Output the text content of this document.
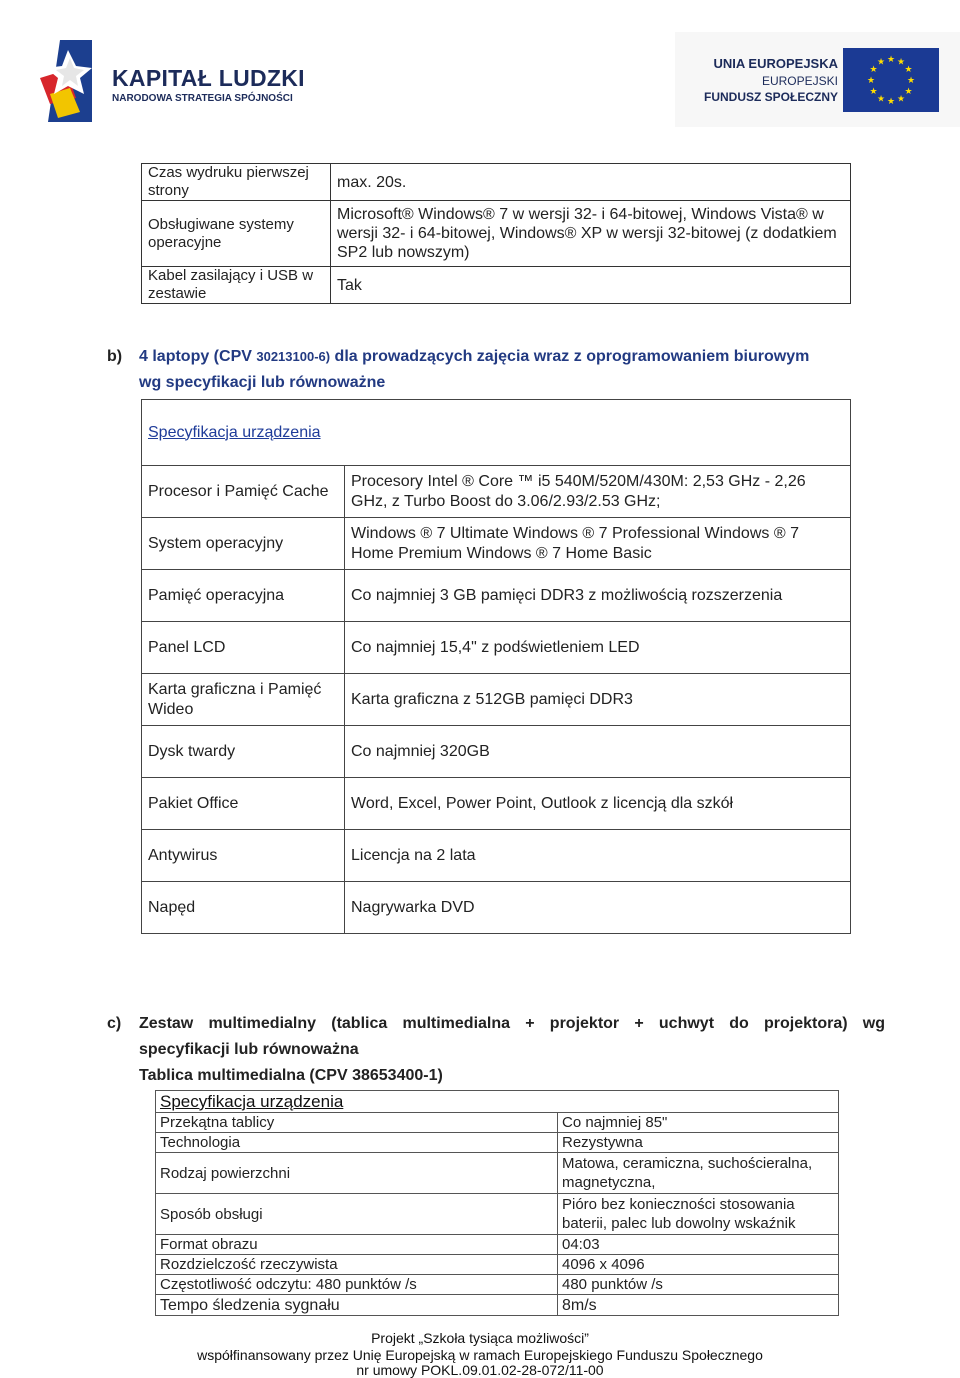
KAPITAŁ LUDZKI
NARODOWA STRATEGIA SPÓJNOŚCI
UNIA EUROPEJSKA
EUROPEJSKI
FUNDUSZ SPOŁECZNY
★ ★
★
★
★
★
★
★
★
★
★
★
Czas wydruku pierwszej strony	max. 20s.
Obsługiwane systemy operacyjne	Microsoft® Windows® 7 w wersji 32- i 64-bitowej, Windows Vista® w wersji 32- i 64-bitowej, Windows® XP w wersji 32-bitowej (z dodatkiem SP2 lub nowszym)
Kabel zasilający i USB w zestawie	Tak
b) 4 laptopy (CPV 30213100-6) dla prowadzących zajęcia wraz z oprogramowaniem biurowym
wg specyfikacji lub równoważne
Specyfikacja urządzenia	
Procesor i Pamięć Cache	Procesory Intel ® Core ™ i5 540M/520M/430M: 2,53 GHz - 2,26 GHz, z Turbo Boost do 3.06/2.93/2.53 GHz;
System operacyjny	Windows ® 7 Ultimate Windows ® 7 Professional Windows ® 7 Home Premium Windows ® 7 Home Basic
Pamięć operacyjna	Co najmniej 3 GB pamięci DDR3 z możliwością rozszerzenia
Panel LCD	Co najmniej 15,4" z podświetleniem LED
Karta graficzna i Pamięć Wideo	Karta graficzna z 512GB pamięci DDR3
Dysk twardy	Co najmniej 320GB
Pakiet Office	Word, Excel, Power Point, Outlook z licencją dla szkół
Antywirus	Licencja na 2 lata
Napęd	Nagrywarka DVD
c)	Zestaw multimedialny (tablica multimedialna + projektor + uchwyt do projektora) wg
specyfikacji lub równoważna
Tablica multimedialna (CPV 38653400-1)
Specyfikacja urządzenia	
Przekątna tablicy	Co najmniej 85"
Technologia	Rezystywna
Rodzaj powierzchni	Matowa, ceramiczna, suchościeralna, magnetyczna,
Sposób obsługi	Pióro bez konieczności stosowania baterii, palec lub dowolny wskaźnik
Format obrazu	04:03
Rozdzielczość rzeczywista	4096 x 4096
Częstotliwość odczytu: 480 punktów /s	480 punktów /s
Tempo śledzenia sygnału	8m/s
Projekt „Szkoła tysiąca możliwości”
współfinansowany przez Unię Europejską w ramach Europejskiego Funduszu Społecznego
nr umowy POKL.09.01.02-28-072/11-00
